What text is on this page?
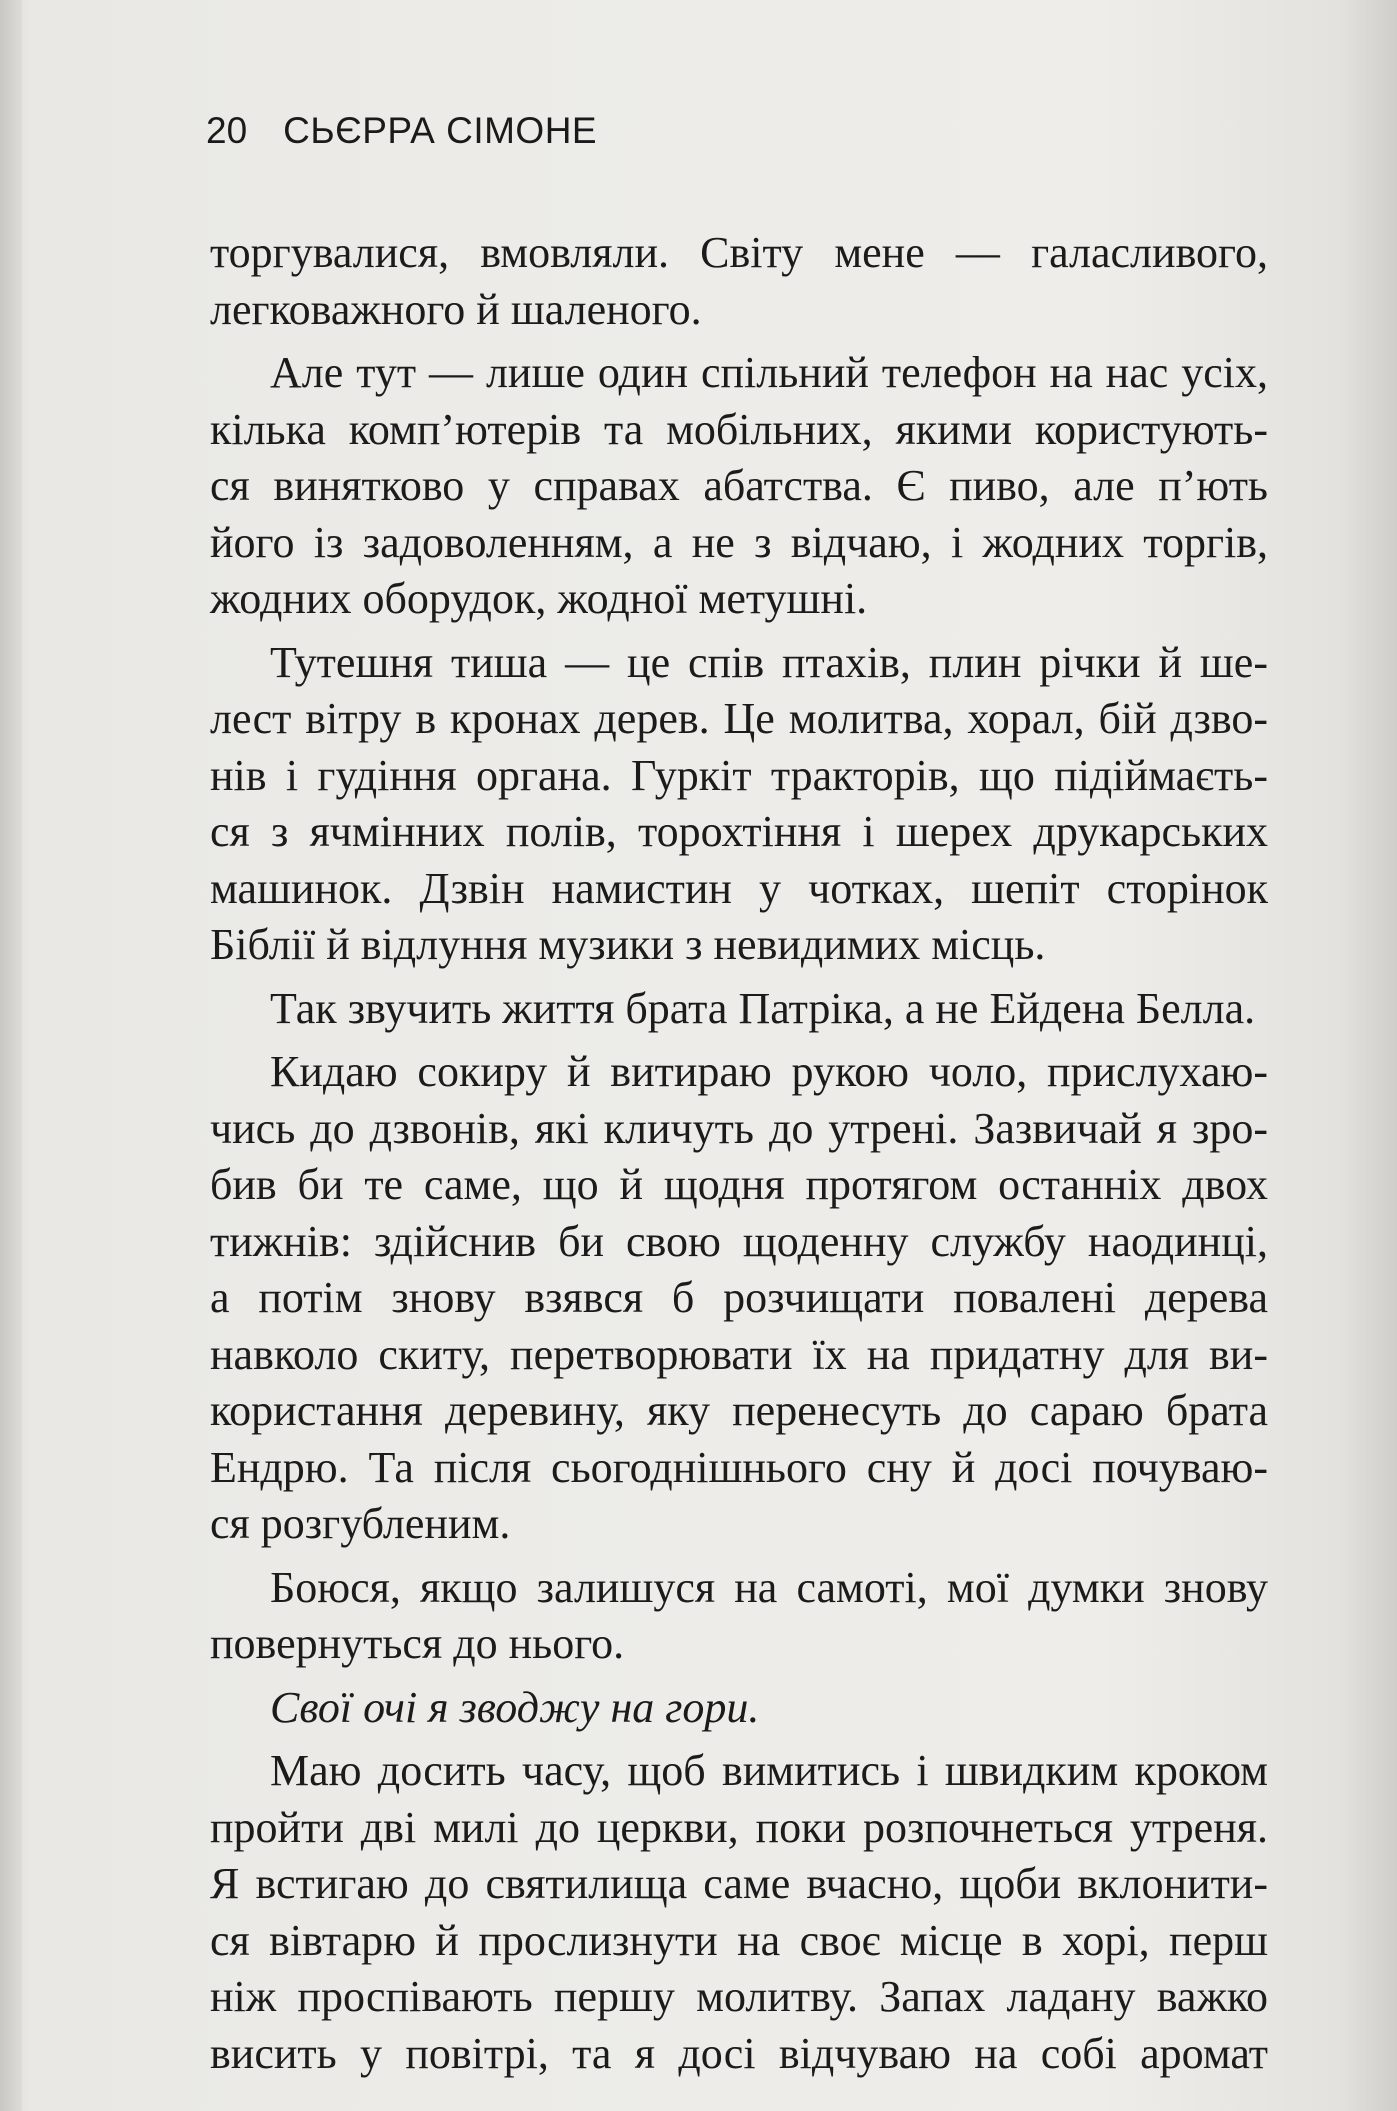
20 СЬЄРРА СІМОНЕ
торгувалися, вмовляли. Світу мене — галасливого,
легковажного й шаленого.
Але тут — лише один спільний телефон на нас усіх,
кілька комп’ютерів та мобільних, якими користують-
ся винятково у справах абатства. Є пиво, але п’ють
його із задоволенням, а не з відчаю, і жодних торгів,
жодних оборудок, жодної метушні.
Тутешня тиша — це спів птахів, плин річки й ше-
лест вітру в кронах дерев. Це молитва, хорал, бій дзво-
нів і гудіння органа. Гуркіт тракторів, що підіймаєть-
ся з ячмінних полів, торохтіння і шерех друкарських
машинок. Дзвін намистин у чотках, шепіт сторінок
Біблії й відлуння музики з невидимих місць.
Так звучить життя брата Патріка, а не Ейдена Белла.
Кидаю сокиру й витираю рукою чоло, прислухаю-
чись до дзвонів, які кличуть до утрені. Зазвичай я зро-
бив би те саме, що й щодня протягом останніх двох
тижнів: здійснив би свою щоденну службу наодинці,
а потім знову взявся б розчищати повалені дерева
навколо скиту, перетворювати їх на придатну для ви-
користання деревину, яку перенесуть до сараю брата
Ендрю. Та після сьогоднішнього сну й досі почуваю-
ся розгубленим.
Боюся, якщо залишуся на самоті, мої думки знову
повернуться до нього.
Свої очі я зводжу на гори.
Маю досить часу, щоб вимитись і швидким кроком
пройти дві милі до церкви, поки розпочнеться утреня.
Я встигаю до святилища саме вчасно, щоби вклонити-
ся вівтарю й прослизнути на своє місце в хорі, перш
ніж проспівають першу молитву. Запах ладану важко
висить у повітрі, та я досі відчуваю на собі аромат
